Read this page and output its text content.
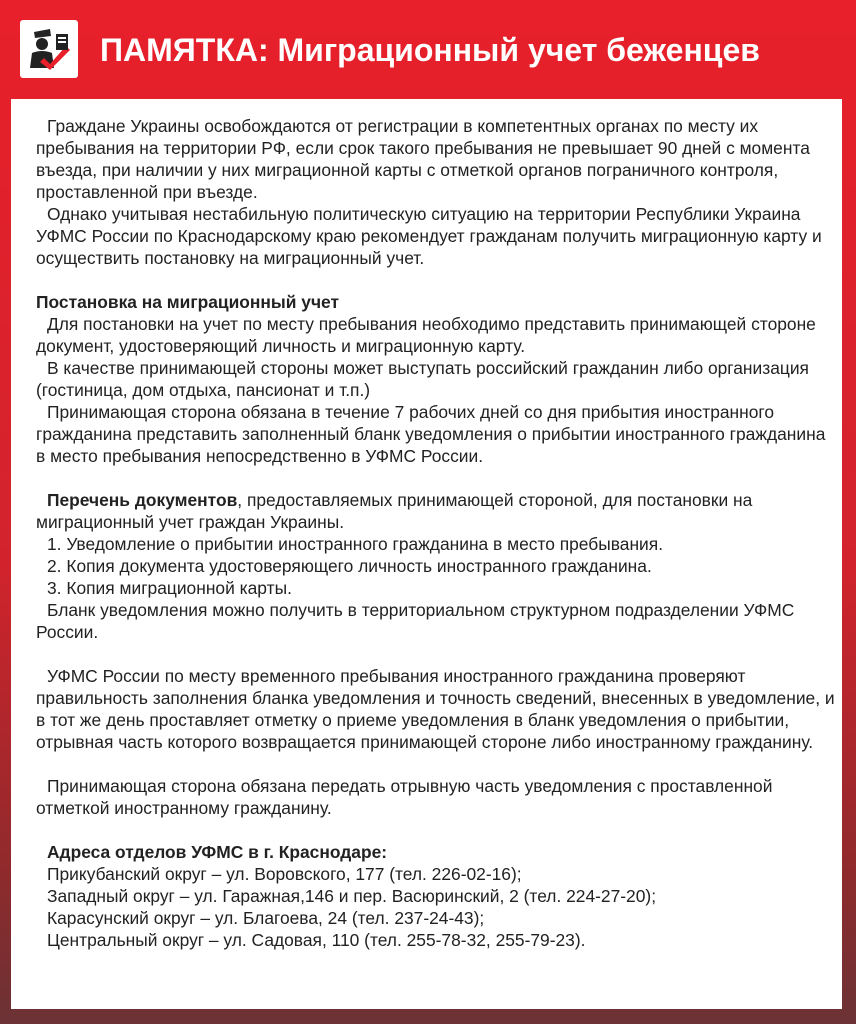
ПАМЯТКА: Миграционный учет беженцев

Граждане Украины освобождаются от регистрации в компетентных органах по месту их пребывания на территории РФ, если срок такого пребывания не превышает 90 дней с момента въезда, при наличии у них миграционной карты с отметкой органов пограничного контроля, проставленной при въезде.

Однако учитывая нестабильную политическую ситуацию на территории Республики Украина УФМС России по Краснодарскому краю рекомендует гражданам получить миграционную карту и осуществить постановку на миграционный учет.

Постановка на миграционный учет

Для постановки на учет по месту пребывания необходимо представить принимающей стороне документ, удостоверяющий личность и миграционную карту.

В качестве принимающей стороны может выступать российский гражданин либо организация (гостиница, дом отдыха, пансионат и т.п.)

Принимающая сторона обязана в течение 7 рабочих дней со дня прибытия иностранного гражданина представить заполненный бланк уведомления о прибытии иностранного гражданина в место пребывания непосредственно в УФМС России.

Перечень документов, предоставляемых принимающей стороной, для постановки на миграционный учет граждан Украины.

1. Уведомление о прибытии иностранного гражданина в место пребывания.

2. Копия документа удостоверяющего личность иностранного гражданина.

3. Копия миграционной карты.

Бланк уведомления можно получить в территориальном структурном подразделении УФМС России.

УФМС России по месту временного пребывания иностранного гражданина проверяют правильность заполнения бланка уведомления и точность сведений, внесенных в уведомление, и в тот же день проставляет отметку о приеме уведомления в бланк уведомления о прибытии, отрывная часть которого возвращается принимающей стороне либо иностранному гражданину.

Принимающая сторона обязана передать отрывную часть уведомления с проставленной отметкой иностранному гражданину.

Адреса отделов УФМС в г. Краснодаре:

Прикубанский округ – ул. Воровского, 177 (тел. 226-02-16);

Западный округ – ул. Гаражная,146 и пер. Васюринский, 2 (тел. 224-27-20);

Карасунский округ – ул. Благоева, 24 (тел. 237-24-43);

Центральный округ – ул. Садовая, 110 (тел. 255-78-32, 255-79-23).
